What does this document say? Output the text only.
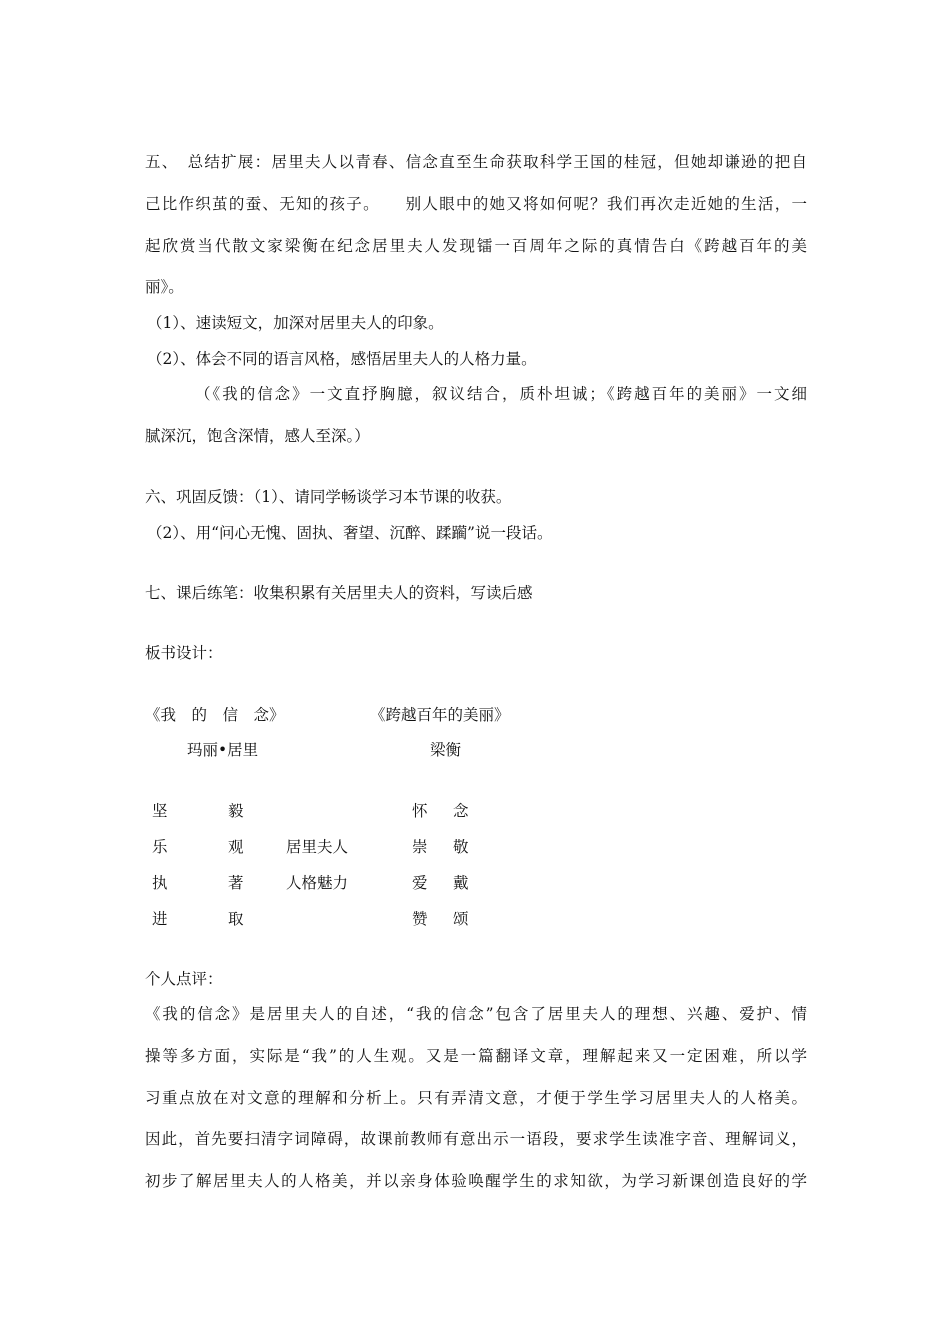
五、　总结扩展：居里夫人以青春、信念直至生命获取科学王国的桂冠，但她却谦逊的把自
己比作织茧的蚕、无知的孩子。　　别人眼中的她又将如何呢？我们再次走近她的生活，一
起欣赏当代散文家梁衡在纪念居里夫人发现镭一百周年之际的真情告白《跨越百年的美
丽》。
（1）、速读短文，加深对居里夫人的印象。
（2）、体会不同的语言风格，感悟居里夫人的人格力量。
（《我的信念》一文直抒胸臆，叙议结合，质朴坦诚；《跨越百年的美丽》一文细
腻深沉，饱含深情，感人至深。）
六、巩固反馈：（1）、请同学畅谈学习本节课的收获。
（2）、用“问心无愧、固执、奢望、沉醉、蹂躏”说一段话。
七、课后练笔：收集积累有关居里夫人的资料，写读后感
板书设计：
《我　的　信　念》	《跨越百年的美丽》
玛丽•居里	梁衡
坚
乐
执
进
毅
观
著
取
居里夫人
人格魅力
怀
崇
爱
赞
念
敬
戴
颂
个人点评：
《我的信念》是居里夫人的自述，“我的信念”包含了居里夫人的理想、兴趣、爱护、情
操等多方面，实际是“我”的人生观。又是一篇翻译文章，理解起来又一定困难，所以学
习重点放在对文意的理解和分析上。只有弄清文意，才便于学生学习居里夫人的人格美。
因此，首先要扫清字词障碍，故课前教师有意出示一语段，要求学生读准字音、理解词义，
初步了解居里夫人的人格美，并以亲身体验唤醒学生的求知欲，为学习新课创造良好的学
